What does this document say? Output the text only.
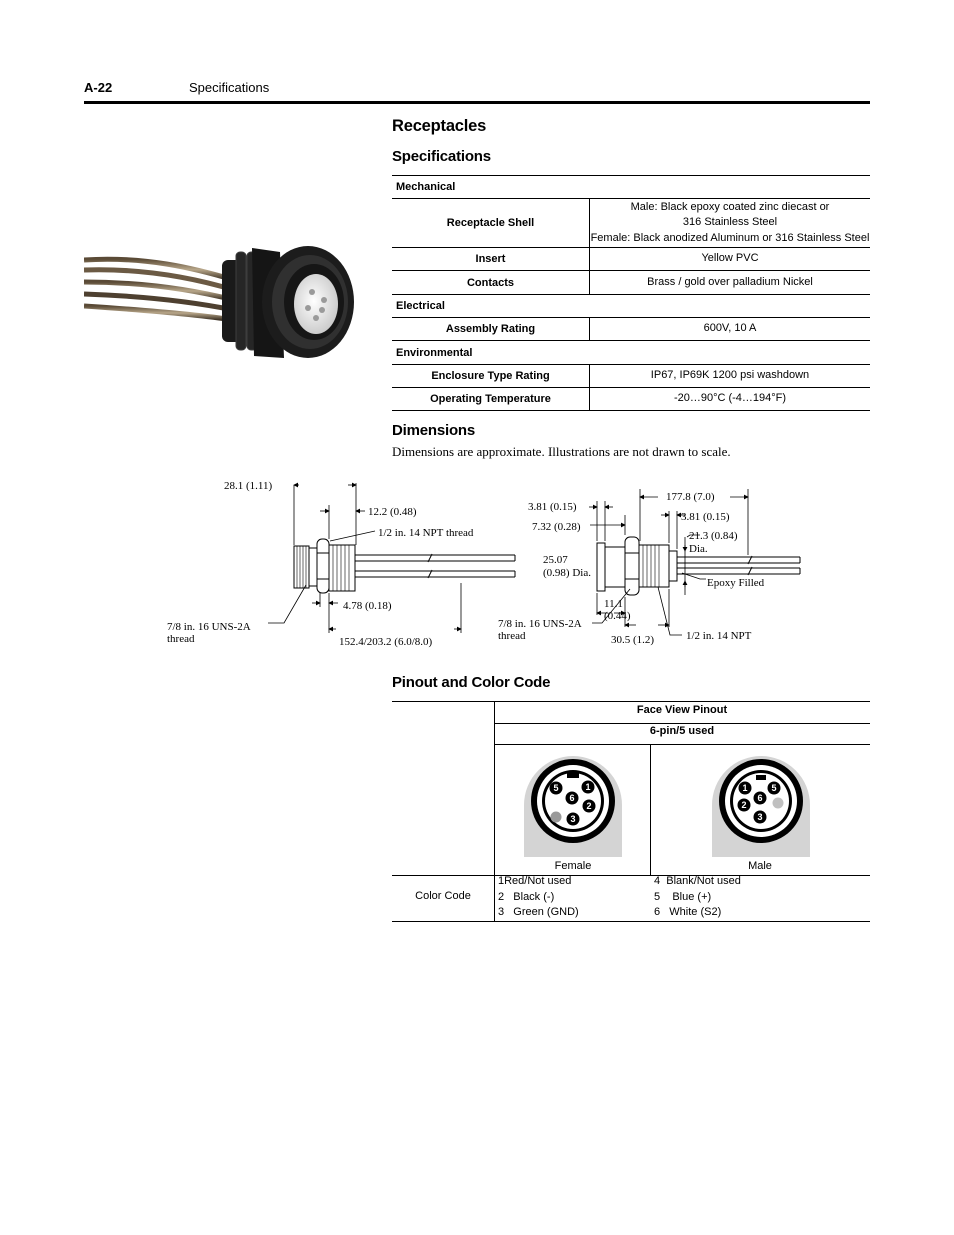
A-22	Specifications
Receptacles
Specifications
Mechanical	
Receptacle Shell	Male: Black epoxy coated zinc diecast or
316 Stainless Steel
Female: Black anodized Aluminum or 316 Stainless Steel

Insert	Yellow PVC
Contacts	Brass / gold over palladium Nickel
Electrical	
Assembly Rating	600V, 10 A
Environmental	
Enclosure Type Rating	IP67, IP69K 1200 psi washdown
Operating Temperature	-20…90°C (-4…194°F)
Dimensions
Dimensions are approximate. Illustrations are not drawn to scale.
28.1 (1.11)
12.2 (0.48)
1/2 in. 14 NPT thread
4.78 (0.18)
7/8 in. 16 UNS-2A
thread	152.4/203.2 (6.0/8.0)
3.81 (0.15)
7.32 (0.28)
25.07
(0.98) Dia.
177.8 (7.0)
3.81 (0.15)
21.3 (0.84)
Dia.
Epoxy Filled
11.1
(0.44)
7/8 in. 16 UNS-2A
thread	30.5 (1.2)	1/2 in. 14 NPT
Pinout and Color Code
Face View Pinout
6-pin/5 used
1
2
3
5
6
1
2
3
5
6
Female	Male
Color Code
1Red/Not used
2   Black (-)
3   Green (GND)
4  Blank/Not used
5    Blue (+)
6   White (S2)
